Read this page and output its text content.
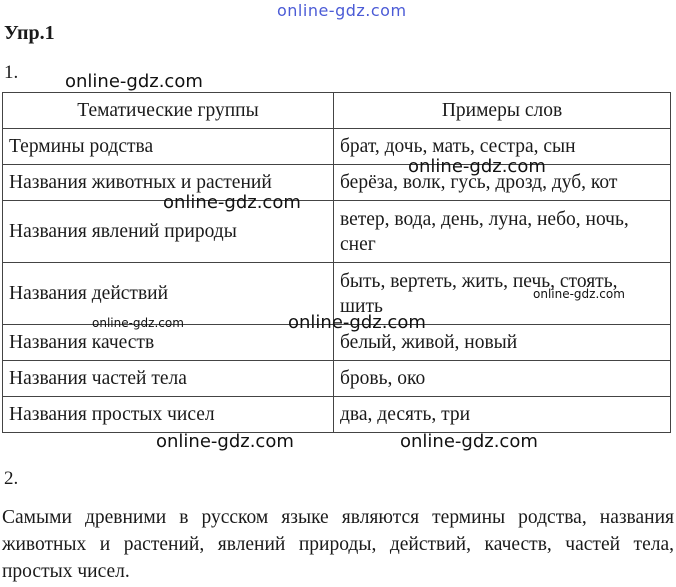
online-gdz.com
Упр.1
1.
Тематические группы	Примеры слов
Термины родства	брат, дочь, мать, сестра, сын
Названия животных и растений	берёза, волк, гусь, дрозд, дуб, кот
Названия явлений природы	ветер, вода, день, луна, небо, ночь, снег
Названия действий	быть, вертеть, жить, печь, стоять, шить
Названия качеств	белый, живой, новый
Названия частей тела	бровь, око
Названия простых чисел	два, десять, три
2.
Самыми древними в русском языке являются термины родства, названия животных и растений, явлений природы, действий, качеств, частей тела, простых чисел.
online-gdz.com
online-gdz.com
online-gdz.com
online-gdz.com
online-gdz.com	online-gdz.com
online-gdz.com	online-gdz.com
